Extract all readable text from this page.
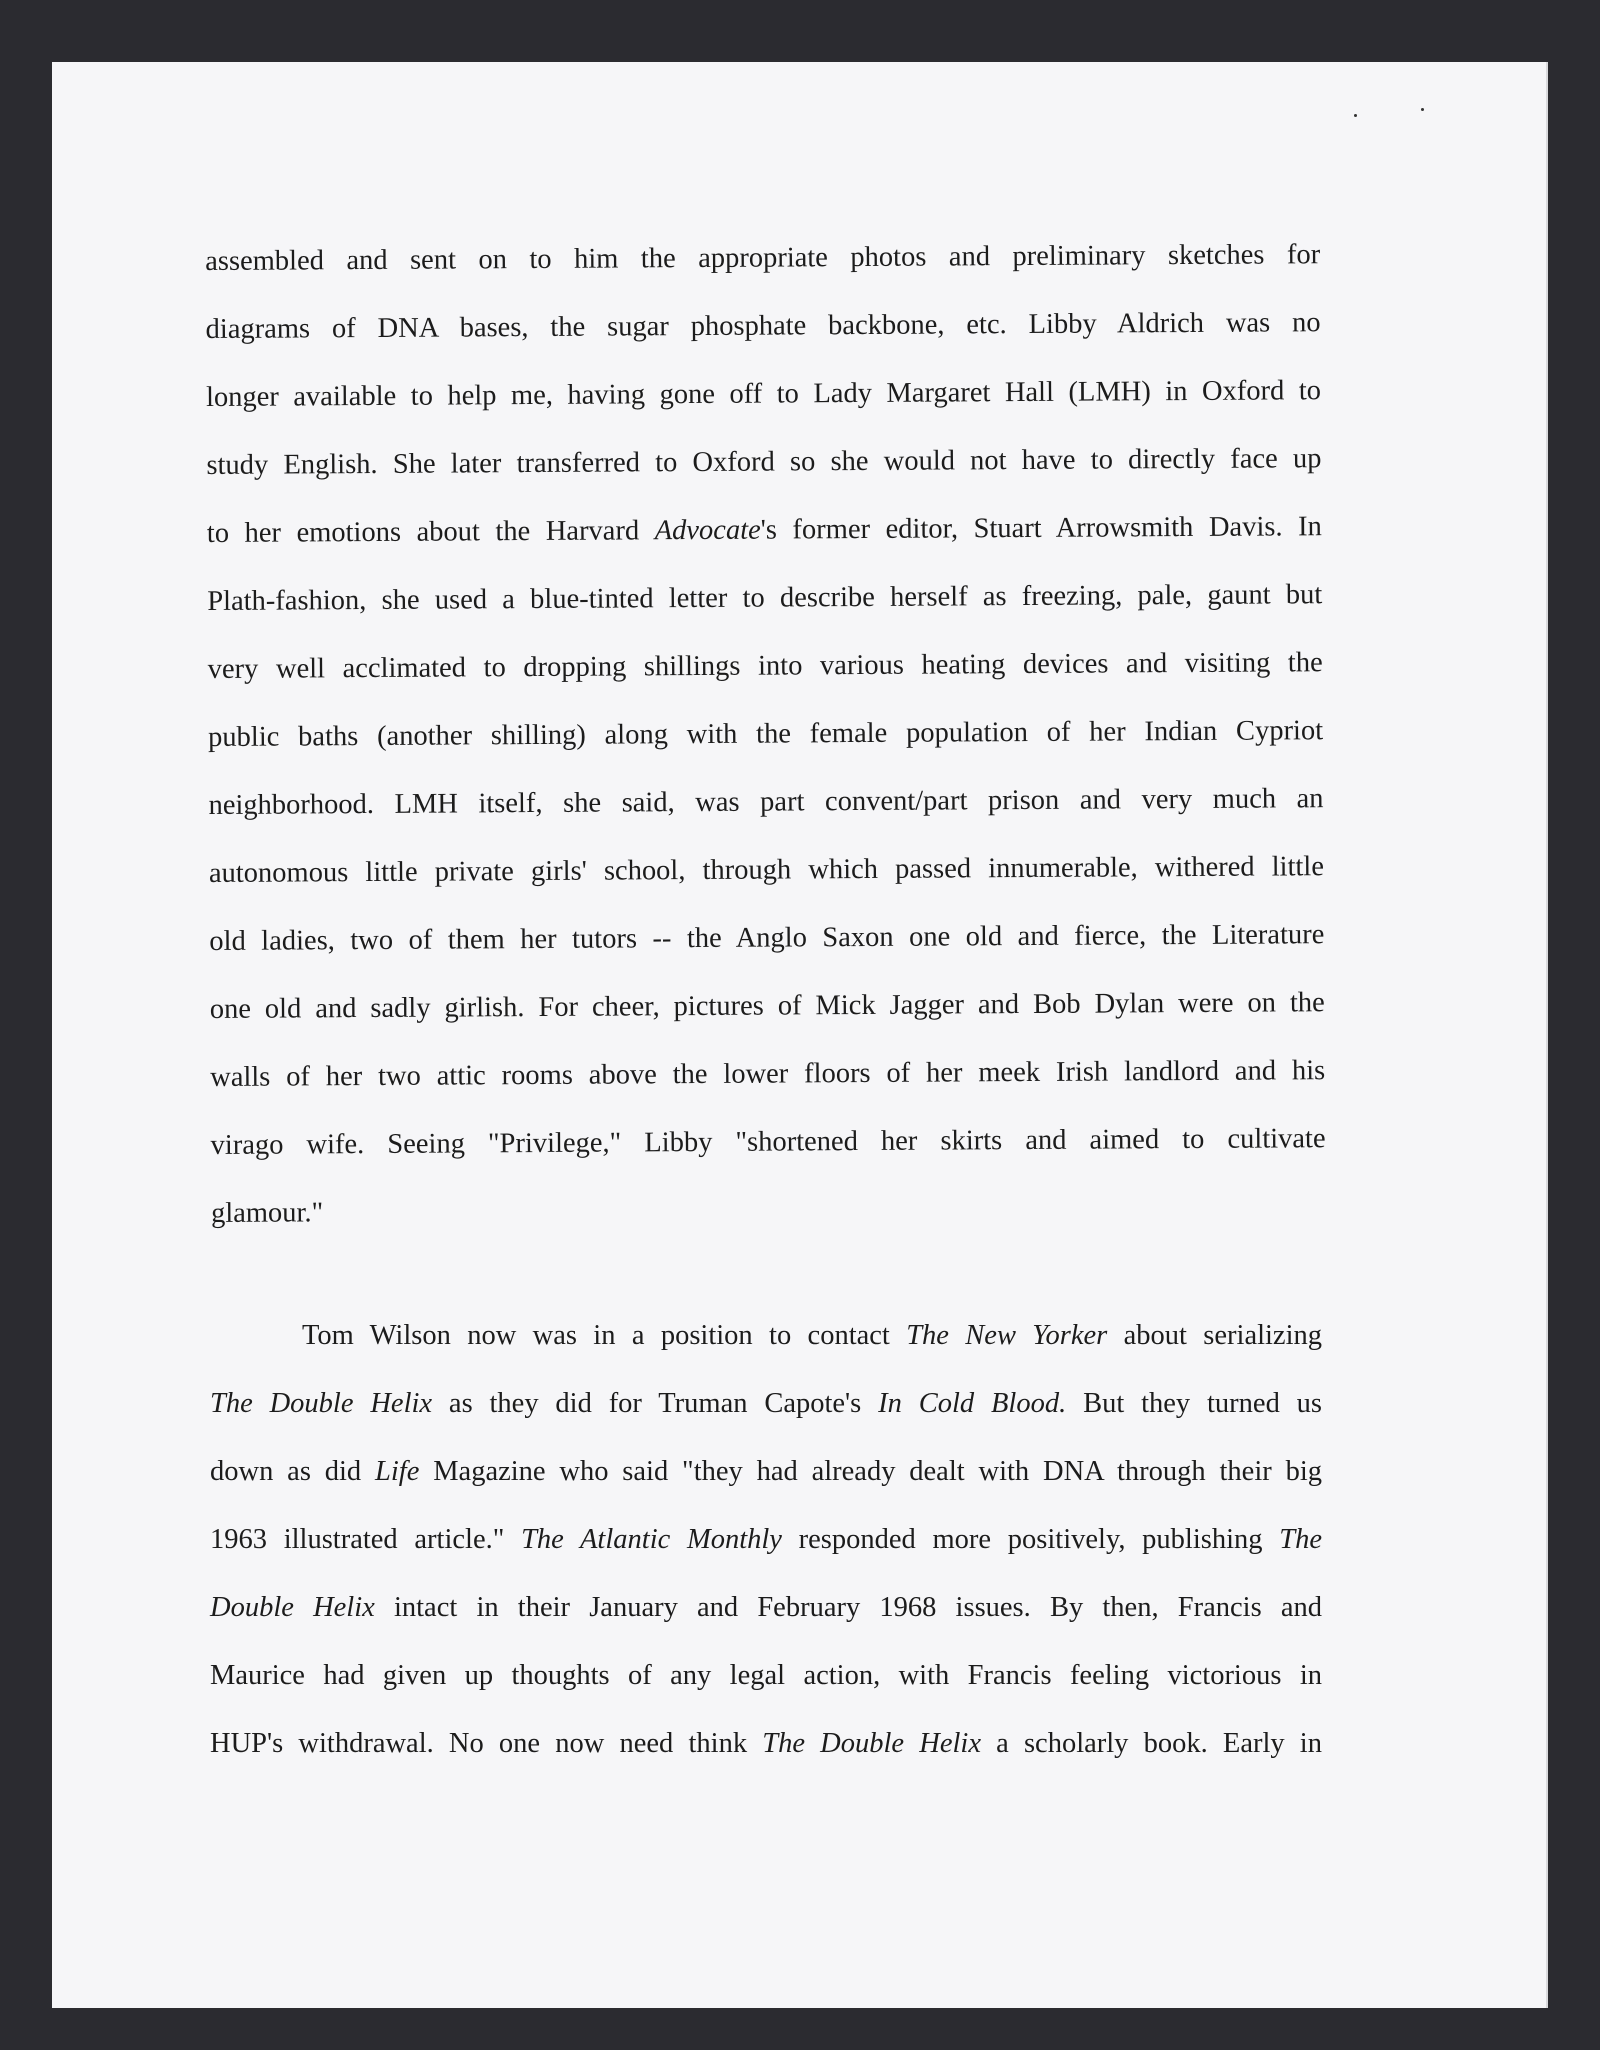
assembled and sent on to him the appropriate photos and preliminary sketches for
diagrams of DNA bases, the sugar phosphate backbone, etc. Libby Aldrich was no
longer available to help me, having gone off to Lady Margaret Hall (LMH) in Oxford to
study English. She later transferred to Oxford so she would not have to directly face up
to her emotions about the Harvard Advocate's former editor, Stuart Arrowsmith Davis. In
Plath-fashion, she used a blue-tinted letter to describe herself as freezing, pale, gaunt but
very well acclimated to dropping shillings into various heating devices and visiting the
public baths (another shilling) along with the female population of her Indian Cypriot
neighborhood. LMH itself, she said, was part convent/part prison and very much an
autonomous little private girls' school, through which passed innumerable, withered little
old ladies, two of them her tutors -- the Anglo Saxon one old and fierce, the Literature
one old and sadly girlish. For cheer, pictures of Mick Jagger and Bob Dylan were on the
walls of her two attic rooms above the lower floors of her meek Irish landlord and his
virago wife. Seeing "Privilege," Libby "shortened her skirts and aimed to cultivate
glamour."
Tom Wilson now was in a position to contact The New Yorker about serializing
The Double Helix as they did for Truman Capote's In Cold Blood. But they turned us
down as did Life Magazine who said "they had already dealt with DNA through their big
1963 illustrated article." The Atlantic Monthly responded more positively, publishing The
Double Helix intact in their January and February 1968 issues. By then, Francis and
Maurice had given up thoughts of any legal action, with Francis feeling victorious in
HUP's withdrawal. No one now need think The Double Helix a scholarly book. Early in
